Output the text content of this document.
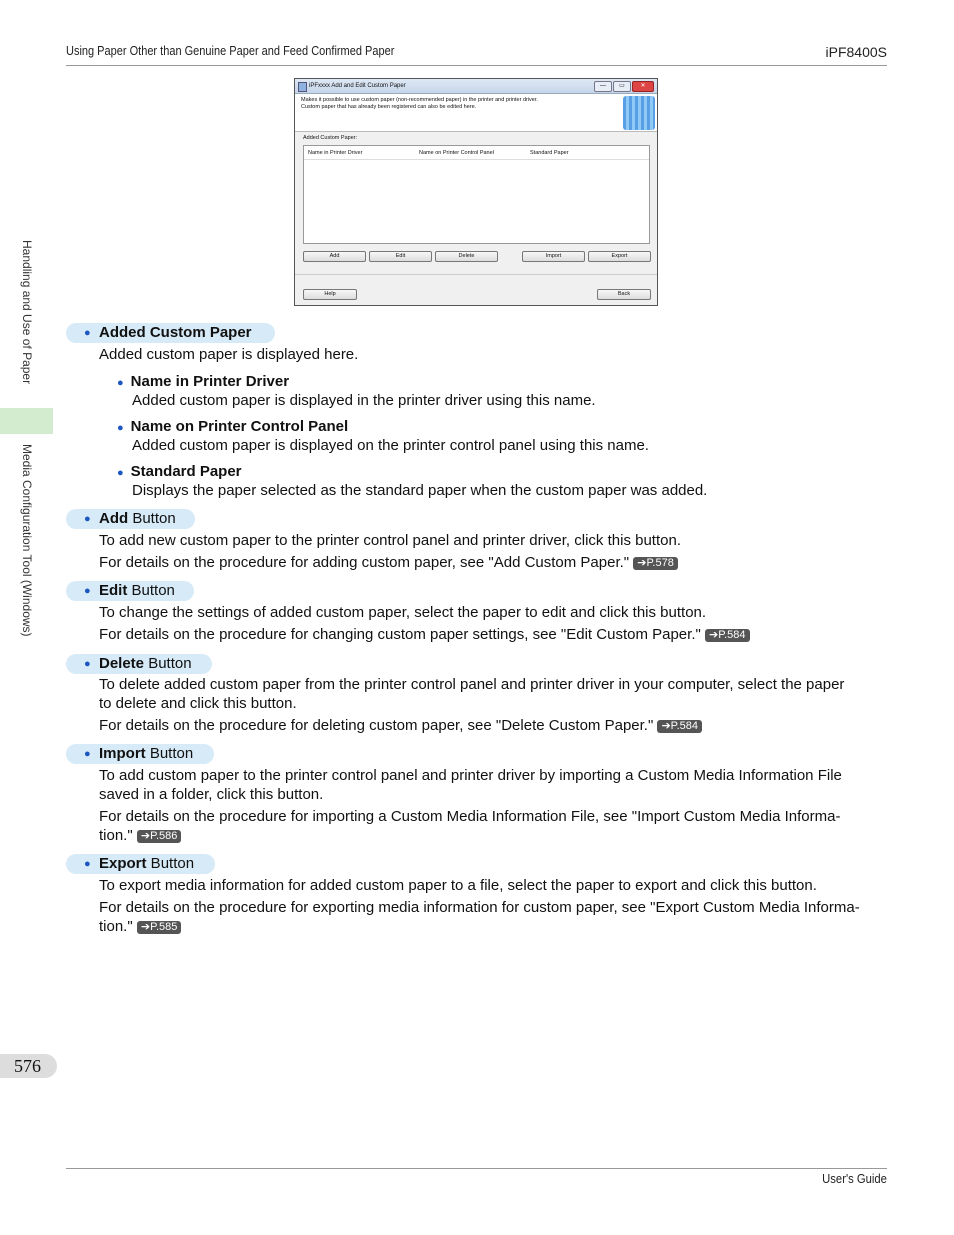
Using Paper Other than Genuine Paper and Feed Confirmed Paper	iPF8400S
Handling and Use of Paper
Media Configuration Tool (Windows)
iPFxxxx Add and Edit Custom Paper	—	▭	✕
Makes it possible to use custom paper (non-recommended paper) in the printer and printer driver.
Custom paper that has already been registered can also be edited here.
Added Custom Paper:
Name in Printer Driver	Name on Printer Control Panel	Standard Paper
Add	Edit	Delete	Import	Export
Help	Back
● Added Custom Paper
Added custom paper is displayed here.
● Name in Printer Driver
Added custom paper is displayed in the printer driver using this name.
● Name on Printer Control Panel
Added custom paper is displayed on the printer control panel using this name.
● Standard Paper
Displays the paper selected as the standard paper when the custom paper was added.
● Add Button
To add new custom paper to the printer control panel and printer driver, click this button.
For details on the procedure for adding custom paper, see "Add Custom Paper." ➔P.578
● Edit Button
To change the settings of added custom paper, select the paper to edit and click this button.
For details on the procedure for changing custom paper settings, see "Edit Custom Paper." ➔P.584
● Delete Button
To delete added custom paper from the printer control panel and printer driver in your computer, select the paper
to delete and click this button.
For details on the procedure for deleting custom paper, see "Delete Custom Paper." ➔P.584
● Import Button
To add custom paper to the printer control panel and printer driver by importing a Custom Media Information File
saved in a folder, click this button.
For details on the procedure for importing a Custom Media Information File, see "Import Custom Media Informa-
tion." ➔P.586
● Export Button
To export media information for added custom paper to a file, select the paper to export and click this button.
For details on the procedure for exporting media information for custom paper, see "Export Custom Media Informa-
tion." ➔P.585
576
User's Guide
